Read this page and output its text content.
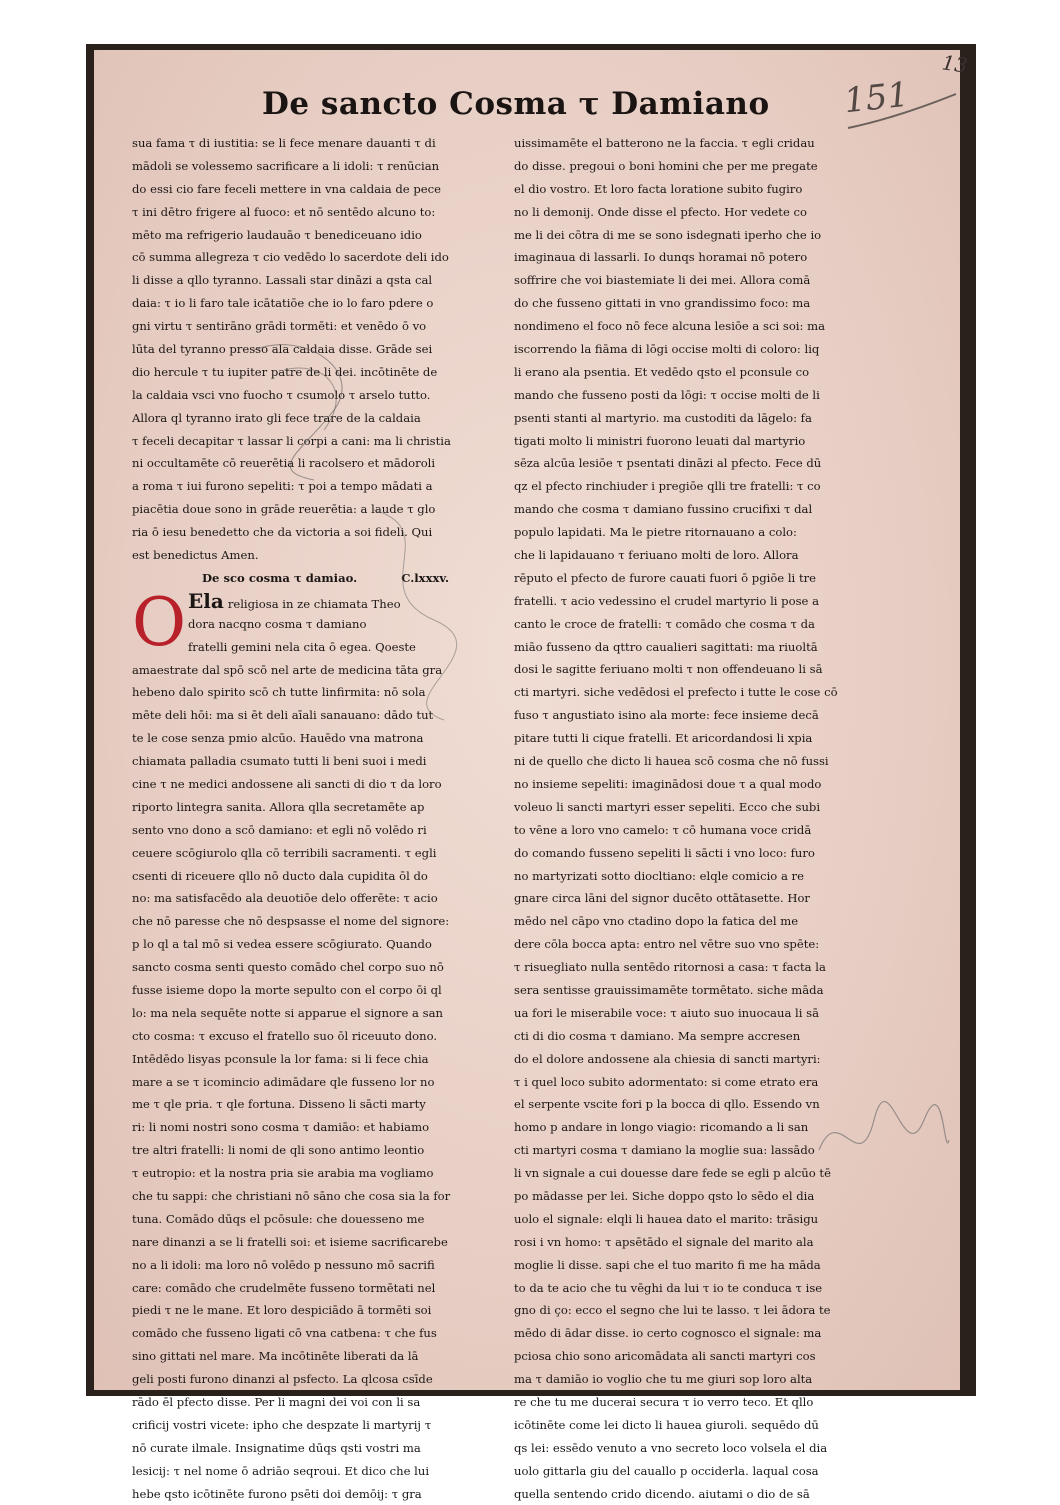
13
151
De sancto Cosma τ Damiano
sua fama τ di iustitia: se li fece menare dauanti τ di
mādoli se volessemo sacrificare a li idoli: τ renūcian
do essi cio fare feceli mettere in vna caldaia de pece
τ ini dētro frigere al fuoco: et nō sentēdo alcuno to:
mēto ma refrigerio laudauāo τ benediceuano idio
cō summa allegreza τ cio vedēdo lo sacerdote deli ido
li disse a qllo tyranno. Lassali star dināzi a qsta cal
daia: τ io li faro tale icātatiōe che io lo faro pdere o
gni virtu τ sentirāno grādi tormēti: et venēdo ō vo
lūta del tyranno presso ala caldaia disse. Grāde sei
dio hercule τ tu iupiter patre de li dei. incōtinēte de
la caldaia vsci vno fuocho τ csumolo τ arselo tutto.
Allora ql tyranno irato gli fece trare de la caldaia
τ feceli decapitar τ lassar li corpi a cani: ma li christia
ni occultamēte cō reuerētia li racolsero et mādoroli
a roma τ iui furono sepeliti: τ poi a tempo mādati a
piacētia doue sono in grāde reuerētia: a laude τ glo
ria ō iesu benedetto che da victoria a soi fideli. Qui
est benedictus Amen.
De sco cosma τ damiao.	C.lxxxv.
O Ela religiosa in ze chiamata Theo
dora nacqno cosma τ damiano
fratelli gemini nela cita ō egea. Qoeste
amaestrate dal spō scō nel arte de medicina tāta gra
hebeno dalo spirito scō ch tutte linfirmita: nō sola
mēte deli hōi: ma si ēt deli aīali sanauano: dādo tut
te le cose senza pmio alcūo. Hauēdo vna matrona
chiamata palladia csumato tutti li beni suoi i medi
cine τ ne medici andossene ali sancti di dio τ da loro
riporto lintegra sanita. Allora qlla secretamēte ap
sento vno dono a scō damiano: et egli nō volēdo ri
ceuere scōgiurolo qlla cō terribili sacramenti. τ egli
csenti di riceuere qllo nō ducto dala cupidita ōl do
no: ma satisfacēdo ala deuotiōe delo offerēte: τ acio
che nō paresse che nō despsasse el nome del signore:
p lo ql a tal mō si vedea essere scōgiurato. Quando
sancto cosma senti questo comādo chel corpo suo nō
fusse isieme dopo la morte sepulto con el corpo ōi ql
lo: ma nela sequēte notte si apparue el signore a san
cto cosma: τ excuso el fratello suo ōl riceuuto dono.
Intēdēdo lisyas pconsule la lor fama: si li fece chia
mare a se τ icomincio adimādare qle fusseno lor no
me τ qle pria. τ qle fortuna. Disseno li sācti marty
ri: li nomi nostri sono cosma τ damiāo: et habiamo
tre altri fratelli: li nomi de qli sono antimo leontio
τ eutropio: et la nostra pria sie arabia ma vogliamo
che tu sappi: che christiani nō sāno che cosa sia la for
tuna. Comādo dūqs el pcōsule: che douesseno me
nare dinanzi a se li fratelli soi: et isieme sacrificarebe
no a li idoli: ma loro nō volēdo p nessuno mō sacrifi
care: comādo che crudelmēte fusseno tormētati nel
piedi τ ne le mane. Et loro despiciādo ā tormēti soi
comādo che fusseno ligati cō vna catbena: τ che fus
sino gittati nel mare. Ma incōtinēte liberati da lā
geli posti furono dinanzi al psfecto. La qlcosa csīde
rādo ēl pfecto disse. Per li magni dei voi con li sa
crificij vostri vicete: ipho che despzate li martyrij τ
nō curate ilmale. Insignatime dūqs qsti vostri ma
lesicij: τ nel nome ō adriāo seqroui. Et dico che lui
hebe qsto icōtinēte furono psēti doi demōij: τ gra
uissimamēte el batterono ne la faccia. τ egli cridau
do disse. pregoui o boni homini che per me pregate
el dio vostro. Et loro facta loratione subito fugiro
no li demonij. Onde disse el pfecto. Hor vedete co
me li dei cōtra di me se sono isdegnati iperho che io
imaginaua di lassarli. Io dunqs horamai nō potero
soffrire che voi biastemiate li dei mei. Allora comā
do che fusseno gittati in vno grandissimo foco: ma
nondimeno el foco nō fece alcuna lesiōe a sci soi: ma
iscorrendo la fiāma di lōgi occise molti di coloro: liq
li erano ala psentia. Et vedēdo qsto el pconsule co
mando che fusseno posti da lōgi: τ occise molti de li
psenti stanti al martyrio. ma custoditi da lāgelo: fa
tigati molto li ministri fuorono leuati dal martyrio
sēza alcūa lesiōe τ psentati dināzi al pfecto. Fece dū
qz el pfecto rinchiuder i pregiōe qlli tre fratelli: τ co
mando che cosma τ damiano fussino crucifixi τ dal
populo lapidati. Ma le pietre ritornauano a colo:
che li lapidauano τ feriuano molti de loro. Allora
rēputo el pfecto de furore cauati fuori ō pgiōe li tre
fratelli. τ acio vedessino el crudel martyrio li pose a
canto le croce de fratelli: τ comādo che cosma τ da
miāo fusseno da qttro caualieri sagittati: ma riuoltā
dosi le sagitte feriuano molti τ non offendeuano li sā
cti martyri. siche vedēdosi el prefecto i tutte le cose cō
fuso τ angustiato isino ala morte: fece insieme decā
pitare tutti li cique fratelli. Et aricordandosi li xpia
ni de quello che dicto li hauea scō cosma che nō fussi
no insieme sepeliti: imaginādosi doue τ a qual modo
voleuo li sancti martyri esser sepeliti. Ecco che subi
to vēne a loro vno camelo: τ cō humana voce cridā
do comando fusseno sepeliti li sācti i vno loco: furo
no martyrizati sotto diocltiano: elqle comicio a re
gnare circa lāni del signor ducēto ottātasette. Hor
mēdo nel cāpo vno ctadino dopo la fatica del me
dere cōla bocca apta: entro nel vētre suo vno spēte:
τ risuegliato nulla sentēdo ritornosi a casa: τ facta la
sera sentisse grauissimamēte tormētato. siche māda
ua fori le miserabile voce: τ aiuto suo inuocaua li sā
cti di dio cosma τ damiano. Ma sempre accresen
do el dolore andossene ala chiesia di sancti martyri:
τ i quel loco subito adormentato: si come etrato era
el serpente vscite fori p la bocca di qllo. Essendo vn
homo p andare in longo viagio: ricomando a li san
cti martyri cosma τ damiano la moglie sua: lassādo
li vn signale a cui douesse dare fede se egli p alcūo tē
po mādasse per lei. Siche doppo qsto lo sēdo el dia
uolo el signale: elqli li hauea dato el marito: trāsigu
rosi i vn homo: τ apsētādo el signale del marito ala
moglie li disse. sapi che el tuo marito fi me ha māda
to da te acio che tu vēghi da lui τ io te conduca τ ise
gno di ço: ecco el segno che lui te lasso. τ lei ādora te
mēdo di ādar disse. io certo cognosco el signale: ma
pciosa chio sono aricomādata ali sancti martyri cos
ma τ damiāo io voglio che tu me giuri sop loro alta
re che tu me ducerai secura τ io verro teco. Et qllo
icōtinēte come lei dicto li hauea giuroli. sequēdo dū
qs lei: essēdo venuto a vno secreto loco volsela el dia
uolo gittarla giu del cauallo p occiderla. laqual cosa
quella sentendo crido dicendo. aiutami o dio de sā
